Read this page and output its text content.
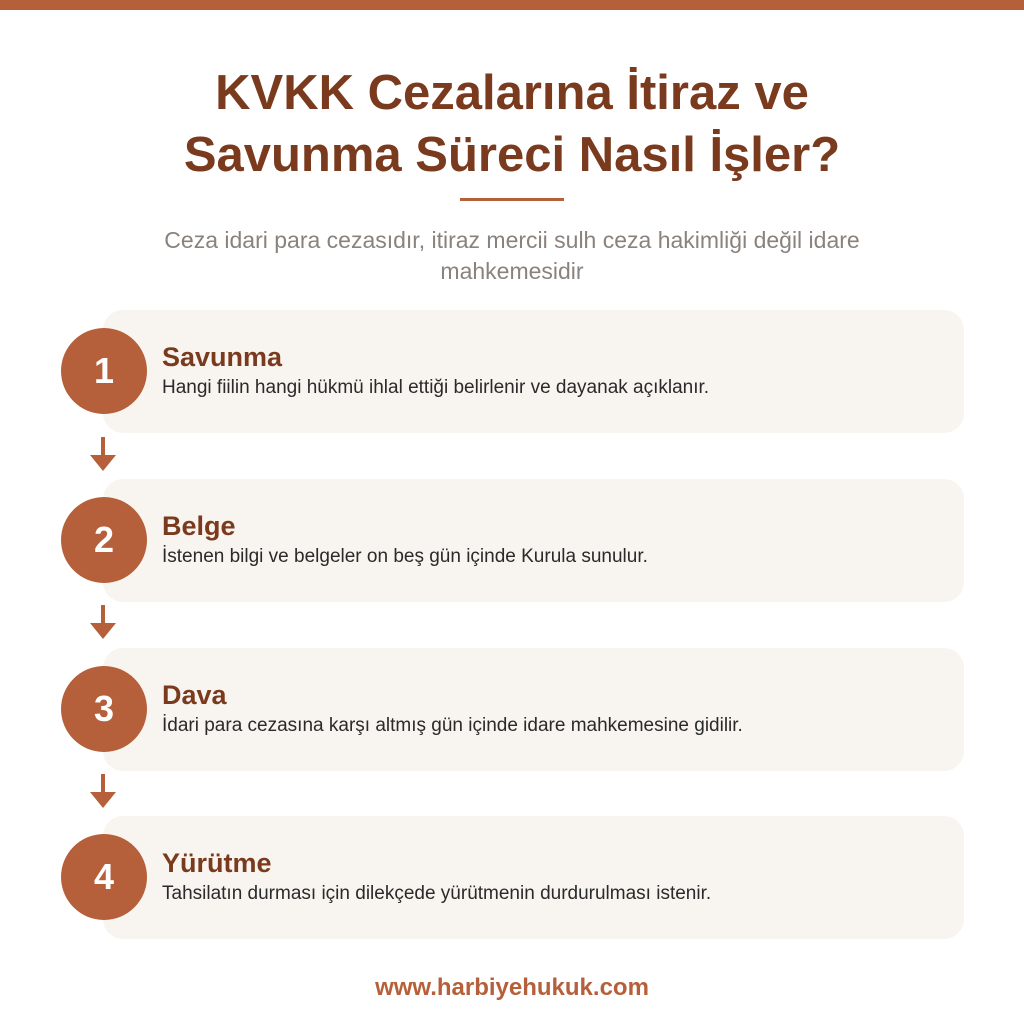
KVKK Cezalarına İtiraz ve
Savunma Süreci Nasıl İşler?

Ceza idari para cezasıdır, itiraz mercii sulh ceza hakimliği değil idare mahkemesidir

Savunma
Hangi fiilin hangi hükmü ihlal ettiği belirlenir ve dayanak açıklanır.
1
Belge
İstenen bilgi ve belgeler on beş gün içinde Kurula sunulur.
2
Dava
İdari para cezasına karşı altmış gün içinde idare mahkemesine gidilir.
3
Yürütme
Tahsilatın durması için dilekçede yürütmenin durdurulması istenir.
4
www.harbiyehukuk.com
